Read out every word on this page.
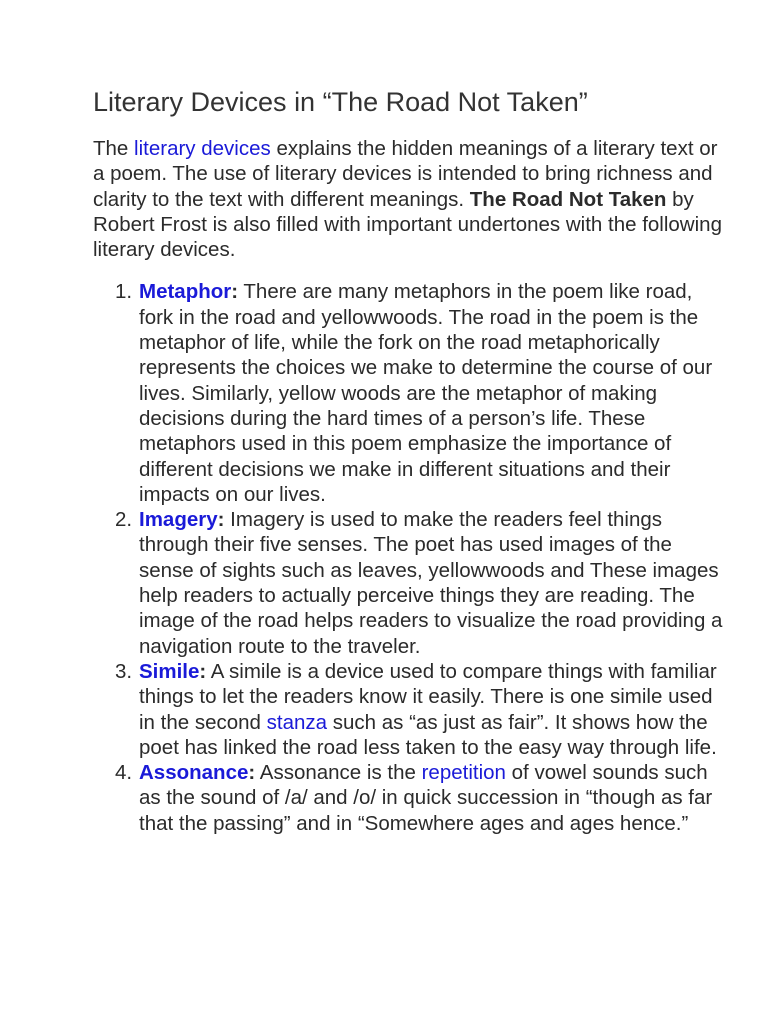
Literary Devices in “The Road Not Taken”

The literary devices explains the hidden meanings of a literary text or a poem. The use of literary devices is intended to bring richness and clarity to the text with different meanings. The Road Not Taken by Robert Frost is also filled with important undertones with the following literary devices.

1. Metaphor: There are many metaphors in the poem like road, fork in the road and yellowwoods. The road in the poem is the metaphor of life, while the fork on the road metaphorically represents the choices we make to determine the course of our lives. Similarly, yellow woods are the metaphor of making decisions during the hard times of a person’s life. These metaphors used in this poem emphasize the importance of different decisions we make in different situations and their impacts on our lives.
2. Imagery: Imagery is used to make the readers feel things through their five senses. The poet has used images of the sense of sights such as leaves, yellowwoods and These images help readers to actually perceive things they are reading. The image of the road helps readers to visualize the road providing a navigation route to the traveler.
3. Simile: A simile is a device used to compare things with familiar things to let the readers know it easily. There is one simile used in the second stanza such as “as just as fair”. It shows how the poet has linked the road less taken to the easy way through life.
4. Assonance: Assonance is the repetition of vowel sounds such as the sound of /a/ and /o/ in quick succession in “though as far that the passing” and in “Somewhere ages and ages hence.”
